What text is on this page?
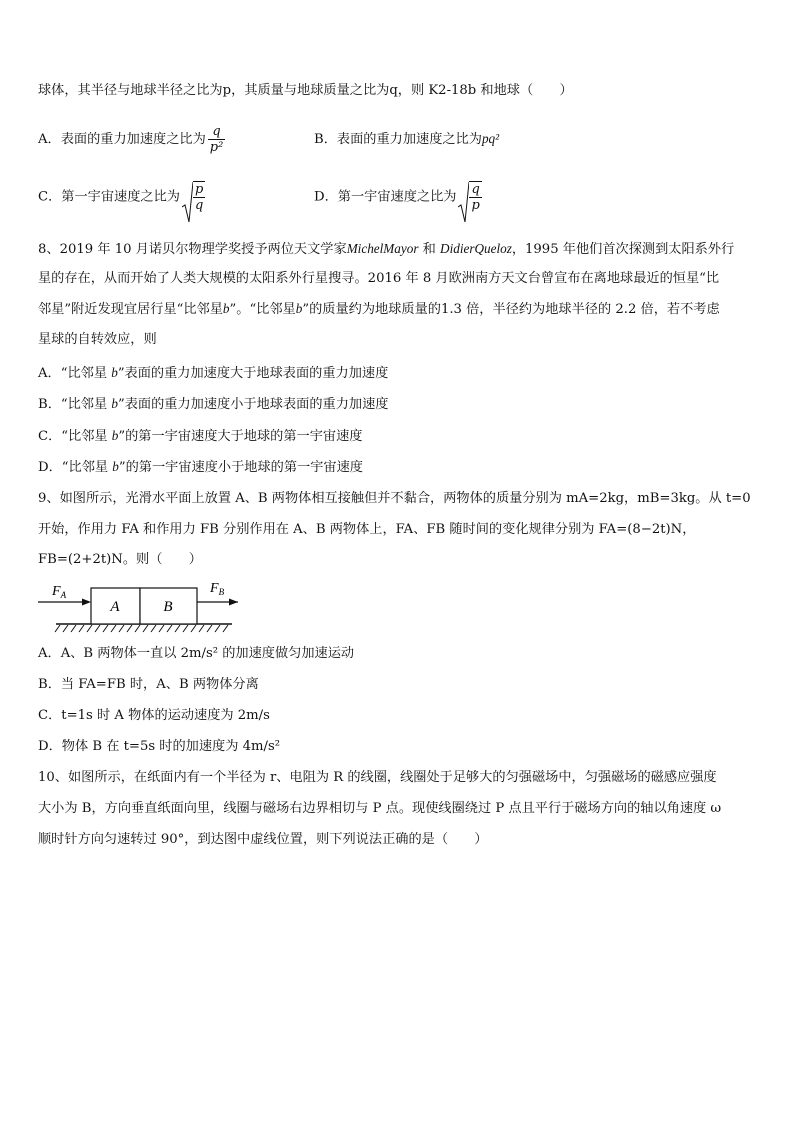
球体，其半径与地球半径之比为p，其质量与地球质量之比为q，则 K2-18b 和地球（　　）
A．表面的重力加速度之比为 $\frac{q}{\text{p²}}$	B．表面的重力加速度之比为pq²
C．第一宇宙速度之比为 $\frac{p}{q}$	D．第一宇宙速度之比为 $\frac{q}{p}$
8、2019 年 10 月诺贝尔物理学奖授予两位天文学家MichelMayor 和 DidierQueloz，1995 年他们首次探测到太阳系外行
星的存在，从而开始了人类大规模的太阳系外行星搜寻。2016 年 8 月欧洲南方天文台曾宣布在离地球最近的恒星“比
邻星”附近发现宜居行星“比邻星b”。“比邻星b”的质量约为地球质量的1.3 倍，半径约为地球半径的 2.2 倍，若不考虑
星球的自转效应，则
A．“比邻星 b”表面的重力加速度大于地球表面的重力加速度
B．“比邻星 b”表面的重力加速度小于地球表面的重力加速度
C．“比邻星 b”的第一宇宙速度大于地球的第一宇宙速度
D．“比邻星 b”的第一宇宙速度小于地球的第一宇宙速度
9、如图所示，光滑水平面上放置 A、B 两物体相互接触但并不黏合，两物体的质量分别为 mA=2kg，mB=3kg。从 t=0
开始，作用力 FA 和作用力 FB 分别作用在 A、B 两物体上，FA、FB 随时间的变化规律分别为 FA=(8−2t)N，
FB=(2+2t)N。则（　　）
A	B
$F_A$	$F_B$
A．A、B 两物体一直以 2m/s² 的加速度做匀加速运动
B．当 FA=FB 时，A、B 两物体分离
C．t=1s 时 A 物体的运动速度为 2m/s
D．物体 B 在 t=5s 时的加速度为 4m/s²
10、如图所示，在纸面内有一个半径为 r、电阻为 R 的线圈，线圈处于足够大的匀强磁场中，匀强磁场的磁感应强度
大小为 B，方向垂直纸面向里，线圈与磁场右边界相切与 P 点。现使线圈绕过 P 点且平行于磁场方向的轴以角速度 ω
顺时针方向匀速转过 90°，到达图中虚线位置，则下列说法正确的是（　　）
